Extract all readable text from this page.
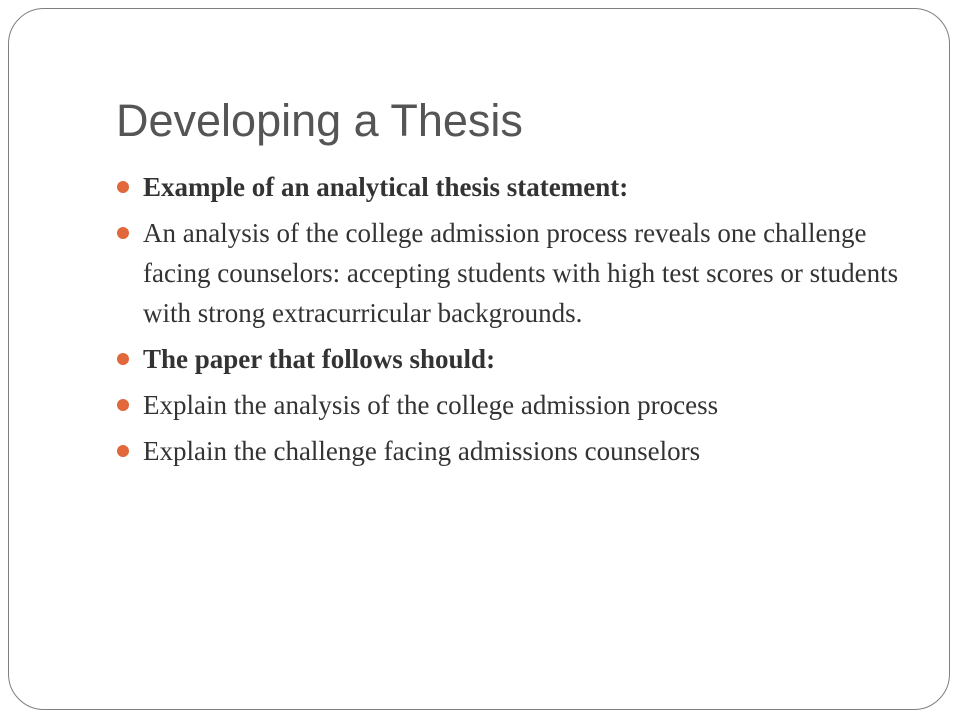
Developing a Thesis
Example of an analytical thesis statement:
An analysis of the college admission process reveals one challenge facing counselors: accepting students with high test scores or students with strong extracurricular backgrounds.
The paper that follows should:
Explain the analysis of the college admission process
Explain the challenge facing admissions counselors
